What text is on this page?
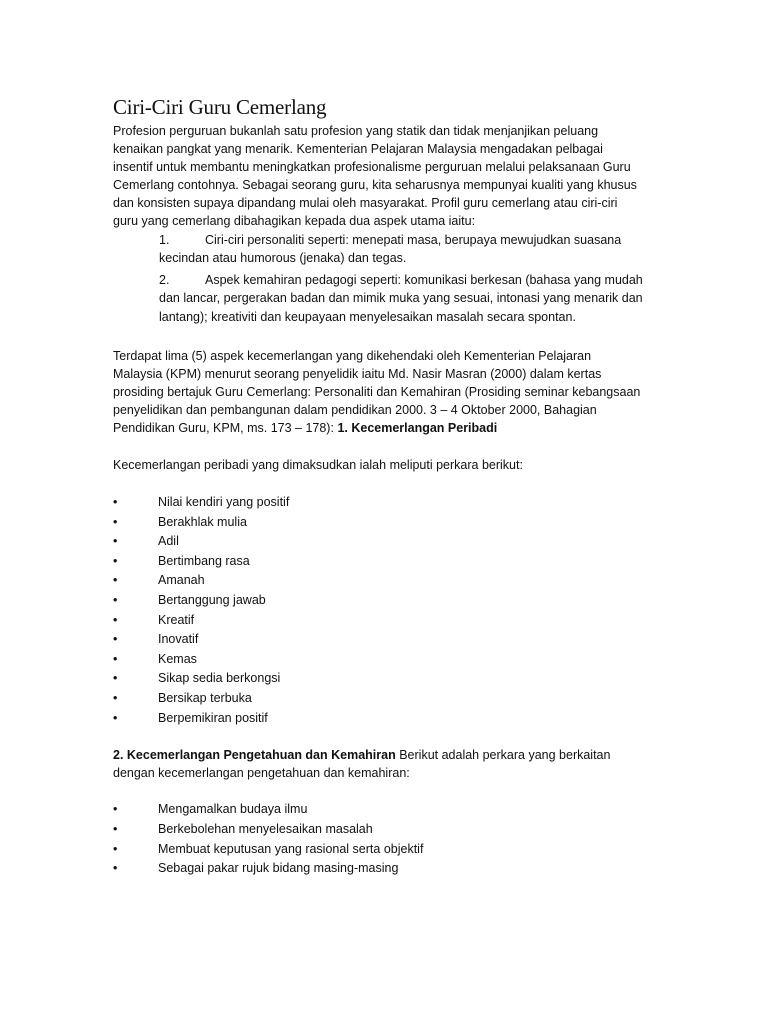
Ciri-Ciri Guru Cemerlang

Profesion perguruan bukanlah satu profesion yang statik dan tidak menjanjikan peluang kenaikan pangkat yang menarik. Kementerian Pelajaran Malaysia mengadakan pelbagai insentif untuk membantu meningkatkan profesionalisme perguruan melalui pelaksanaan Guru Cemerlang contohnya. Sebagai seorang guru, kita seharusnya mempunyai kualiti yang khusus dan konsisten supaya dipandang mulai oleh masyarakat. Profil guru cemerlang atau ciri-ciri guru yang cemerlang dibahagikan kepada dua aspek utama iaitu:

1.	Ciri-ciri personaliti seperti: menepati masa, berupaya mewujudkan suasana kecindan atau humorous (jenaka) dan tegas.
2.	Aspek kemahiran pedagogi seperti: komunikasi berkesan (bahasa yang mudah dan lancar, pergerakan badan dan mimik muka yang sesuai, intonasi yang menarik dan lantang); kreativiti dan keupayaan menyelesaikan masalah secara spontan.

Terdapat lima (5) aspek kecemerlangan yang dikehendaki oleh Kementerian Pelajaran Malaysia (KPM) menurut seorang penyelidik iaitu Md. Nasir Masran (2000) dalam kertas prosiding bertajuk Guru Cemerlang: Personaliti dan Kemahiran (Prosiding seminar kebangsaan penyelidikan dan pembangunan dalam pendidikan 2000. 3 – 4 Oktober 2000, Bahagian Pendidikan Guru, KPM, ms. 173 – 178): 1. Kecemerlangan Peribadi

Kecemerlangan peribadi yang dimaksudkan ialah meliputi perkara berikut:

•	Nilai kendiri yang positif
•	Berakhlak mulia
•	Adil
•	Bertimbang rasa
•	Amanah
•	Bertanggung jawab
•	Kreatif
•	Inovatif
•	Kemas
•	Sikap sedia berkongsi
•	Bersikap terbuka
•	Berpemikiran positif

2. Kecemerlangan Pengetahuan dan Kemahiran Berikut adalah perkara yang berkaitan dengan kecemerlangan pengetahuan dan kemahiran:

•	Mengamalkan budaya ilmu
•	Berkebolehan menyelesaikan masalah
•	Membuat keputusan yang rasional serta objektif
•	Sebagai pakar rujuk bidang masing-masing
